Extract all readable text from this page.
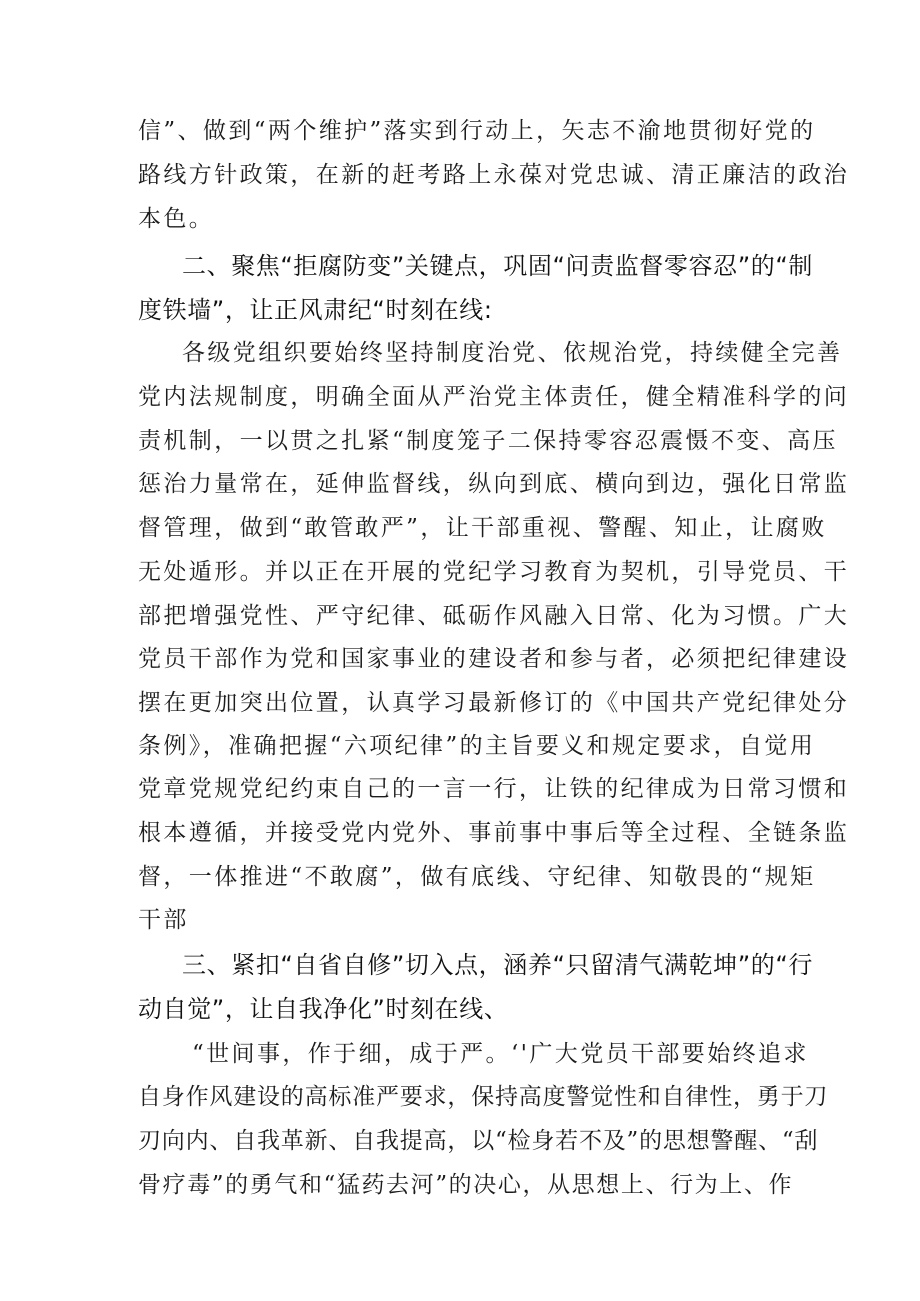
信”、做到“两个维护”落实到行动上，矢志不渝地贯彻好党的
路线方针政策，在新的赶考路上永葆对党忠诚、清正廉洁的政治
本色。
二、聚焦“拒腐防变”关键点，巩固“问责监督零容忍”的“制
度铁墙”，让正风肃纪“时刻在线:
各级党组织要始终坚持制度治党、依规治党，持续健全完善
党内法规制度，明确全面从严治党主体责任，健全精准科学的问
责机制，一以贯之扎紧“制度笼子二保持零容忍震慑不变、高压
惩治力量常在，延伸监督线，纵向到底、横向到边，强化日常监
督管理，做到“敢管敢严”，让干部重视、警醒、知止，让腐败
无处遁形。并以正在开展的党纪学习教育为契机，引导党员、干
部把增强党性、严守纪律、砥砺作风融入日常、化为习惯。广大
党员干部作为党和国家事业的建设者和参与者，必须把纪律建设
摆在更加突出位置，认真学习最新修订的《中国共产党纪律处分
条例》，准确把握“六项纪律”的主旨要义和规定要求，自觉用
党章党规党纪约束自己的一言一行，让铁的纪律成为日常习惯和
根本遵循，并接受党内党外、事前事中事后等全过程、全链条监
督，一体推进“不敢腐”，做有底线、守纪律、知敬畏的“规矩
干部
三、紧扣“自省自修”切入点，涵养“只留清气满乾坤”的“行
动自觉”，让自我净化”时刻在线、
“世间事，作于细，成于严。‘'广大党员干部要始终追求
自身作风建设的高标准严要求，保持高度警觉性和自律性，勇于刀
刃向内、自我革新、自我提高，以“检身若不及”的思想警醒、“刮
骨疗毒”的勇气和“猛药去河”的决心，从思想上、行为上、作
